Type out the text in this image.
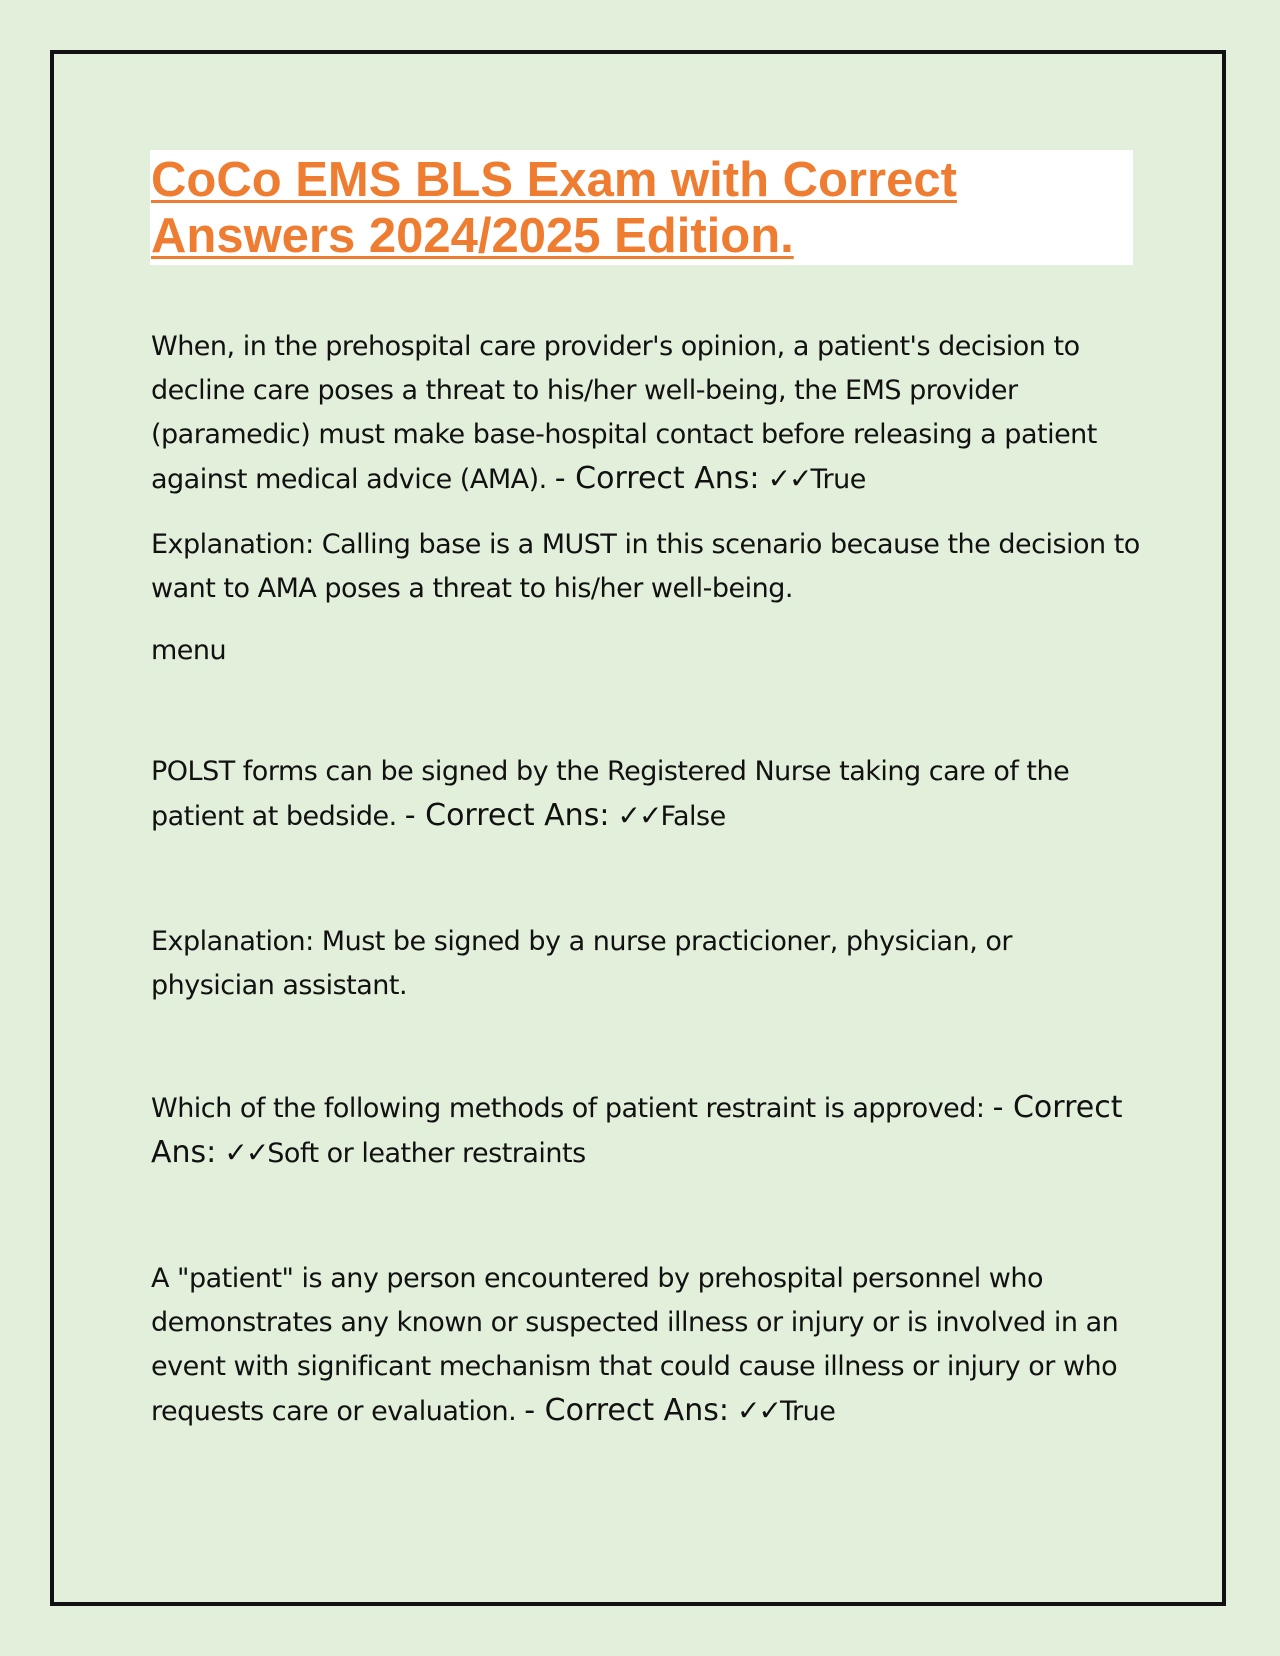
CoCo EMS BLS Exam with Correct Answers 2024/2025 Edition.

When, in the prehospital care provider's opinion, a patient's decision to decline care poses a threat to his/her well-being, the EMS provider (paramedic) must make base-hospital contact before releasing a patient against medical advice (AMA). - Correct Ans: ✓✓True

Explanation: Calling base is a MUST in this scenario because the decision to want to AMA poses a threat to his/her well-being.

menu

POLST forms can be signed by the Registered Nurse taking care of the patient at bedside. - Correct Ans: ✓✓False

Explanation: Must be signed by a nurse practicioner, physician, or physician assistant.

Which of the following methods of patient restraint is approved: - Correct Ans: ✓✓Soft or leather restraints

A "patient" is any person encountered by prehospital personnel who demonstrates any known or suspected illness or injury or is involved in an event with significant mechanism that could cause illness or injury or who requests care or evaluation. - Correct Ans: ✓✓True
